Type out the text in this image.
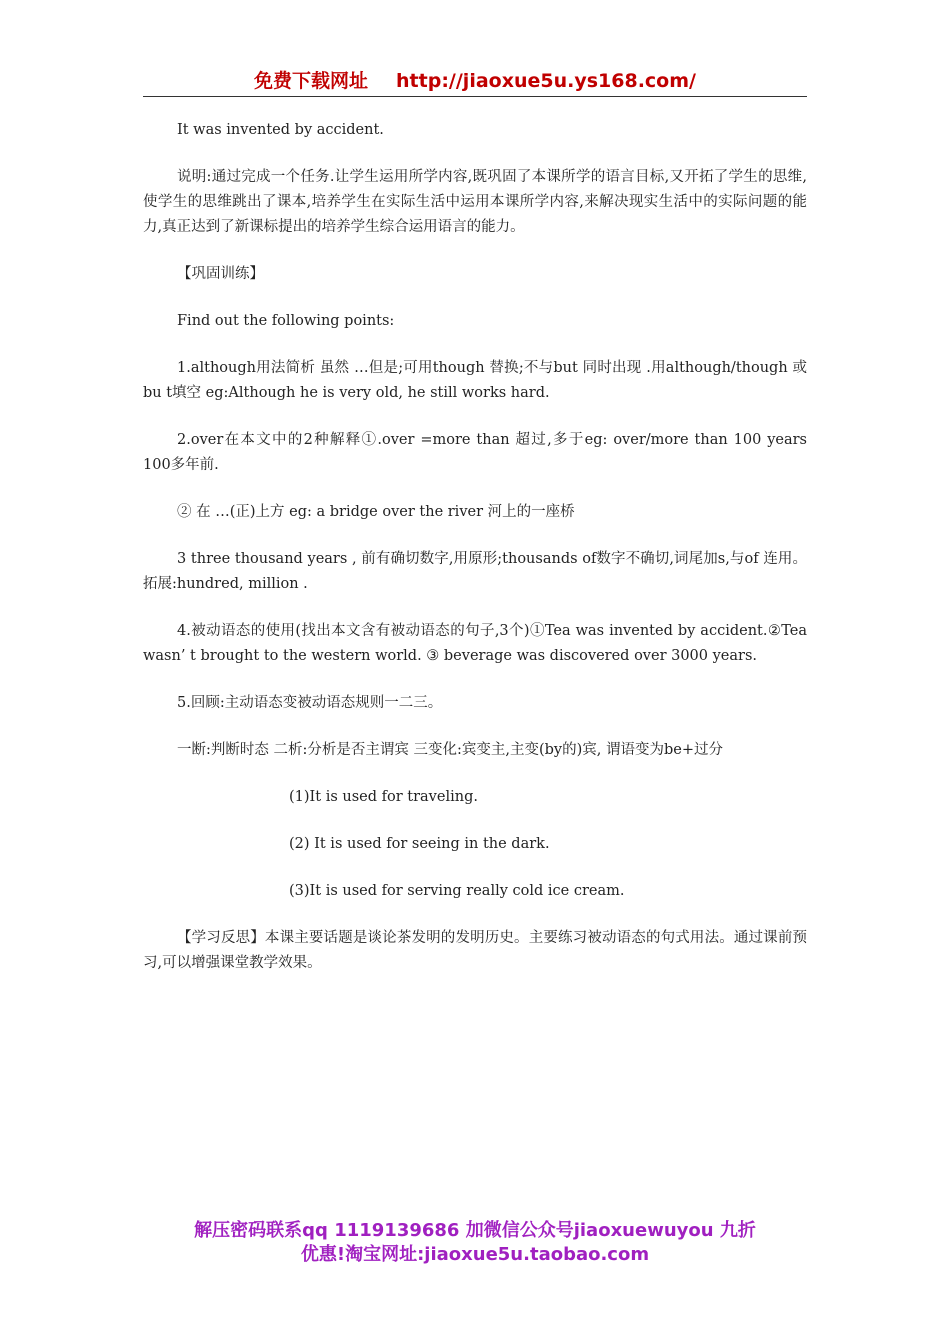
免费下载网址 http://jiaoxue5u.ys168.com/

It was invented by accident.

说明:通过完成一个任务.让学生运用所学内容,既巩固了本课所学的语言目标,又开拓了学生的思维,使学生的思维跳出了课本,培养学生在实际生活中运用本课所学内容,来解决现实生活中的实际问题的能力,真正达到了新课标提出的培养学生综合运用语言的能力。

【巩固训练】

Find out the following points:

1.although用法简析 虽然 …但是;可用though 替换;不与but 同时出现 .用although/though 或bu t填空 eg:Although he is very old, he still works hard.

2.over在本文中的2种解释①.over =more than 超过,多于eg: over/more than 100 years 100多年前.

② 在 …(正)上方 eg: a bridge over the river 河上的一座桥

3 three thousand years , 前有确切数字,用原形;thousands of数字不确切,词尾加s,与of 连用。 拓展:hundred, million .

4.被动语态的使用(找出本文含有被动语态的句子,3个)①Tea was invented by accident.②Tea wasn’ t brought to the western world. ③ beverage was discovered over 3000 years.

5.回顾:主动语态变被动语态规则一二三。

一断:判断时态 二析:分析是否主谓宾 三变化:宾变主,主变(by的)宾, 谓语变为be+过分

(1)It is used for traveling.

(2) It is used for seeing in the dark.

(3)It is used for serving really cold ice cream.

【学习反思】本课主要话题是谈论茶发明的发明历史。主要练习被动语态的句式用法。通过课前预习,可以增强课堂教学效果。

解压密码联系qq 1119139686 加微信公众号jiaoxuewuyou 九折
优惠!淘宝网址:jiaoxue5u.taobao.com
